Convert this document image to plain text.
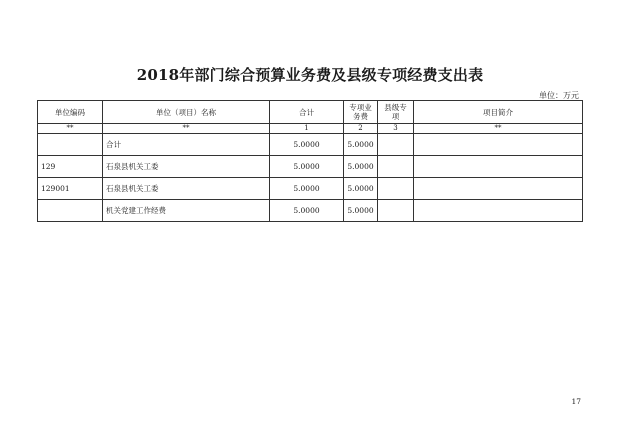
2018年部门综合预算业务费及县级专项经费支出表
单位：万元
单位编码	单位（项目）名称	合计	专项业务费	县级专项	项目简介
**	**	1	2	3	**
	合计	5.0000	5.0000		
129	石泉县机关工委	5.0000	5.0000		
129001	石泉县机关工委	5.0000	5.0000		
	机关党建工作经费	5.0000	5.0000		
17
